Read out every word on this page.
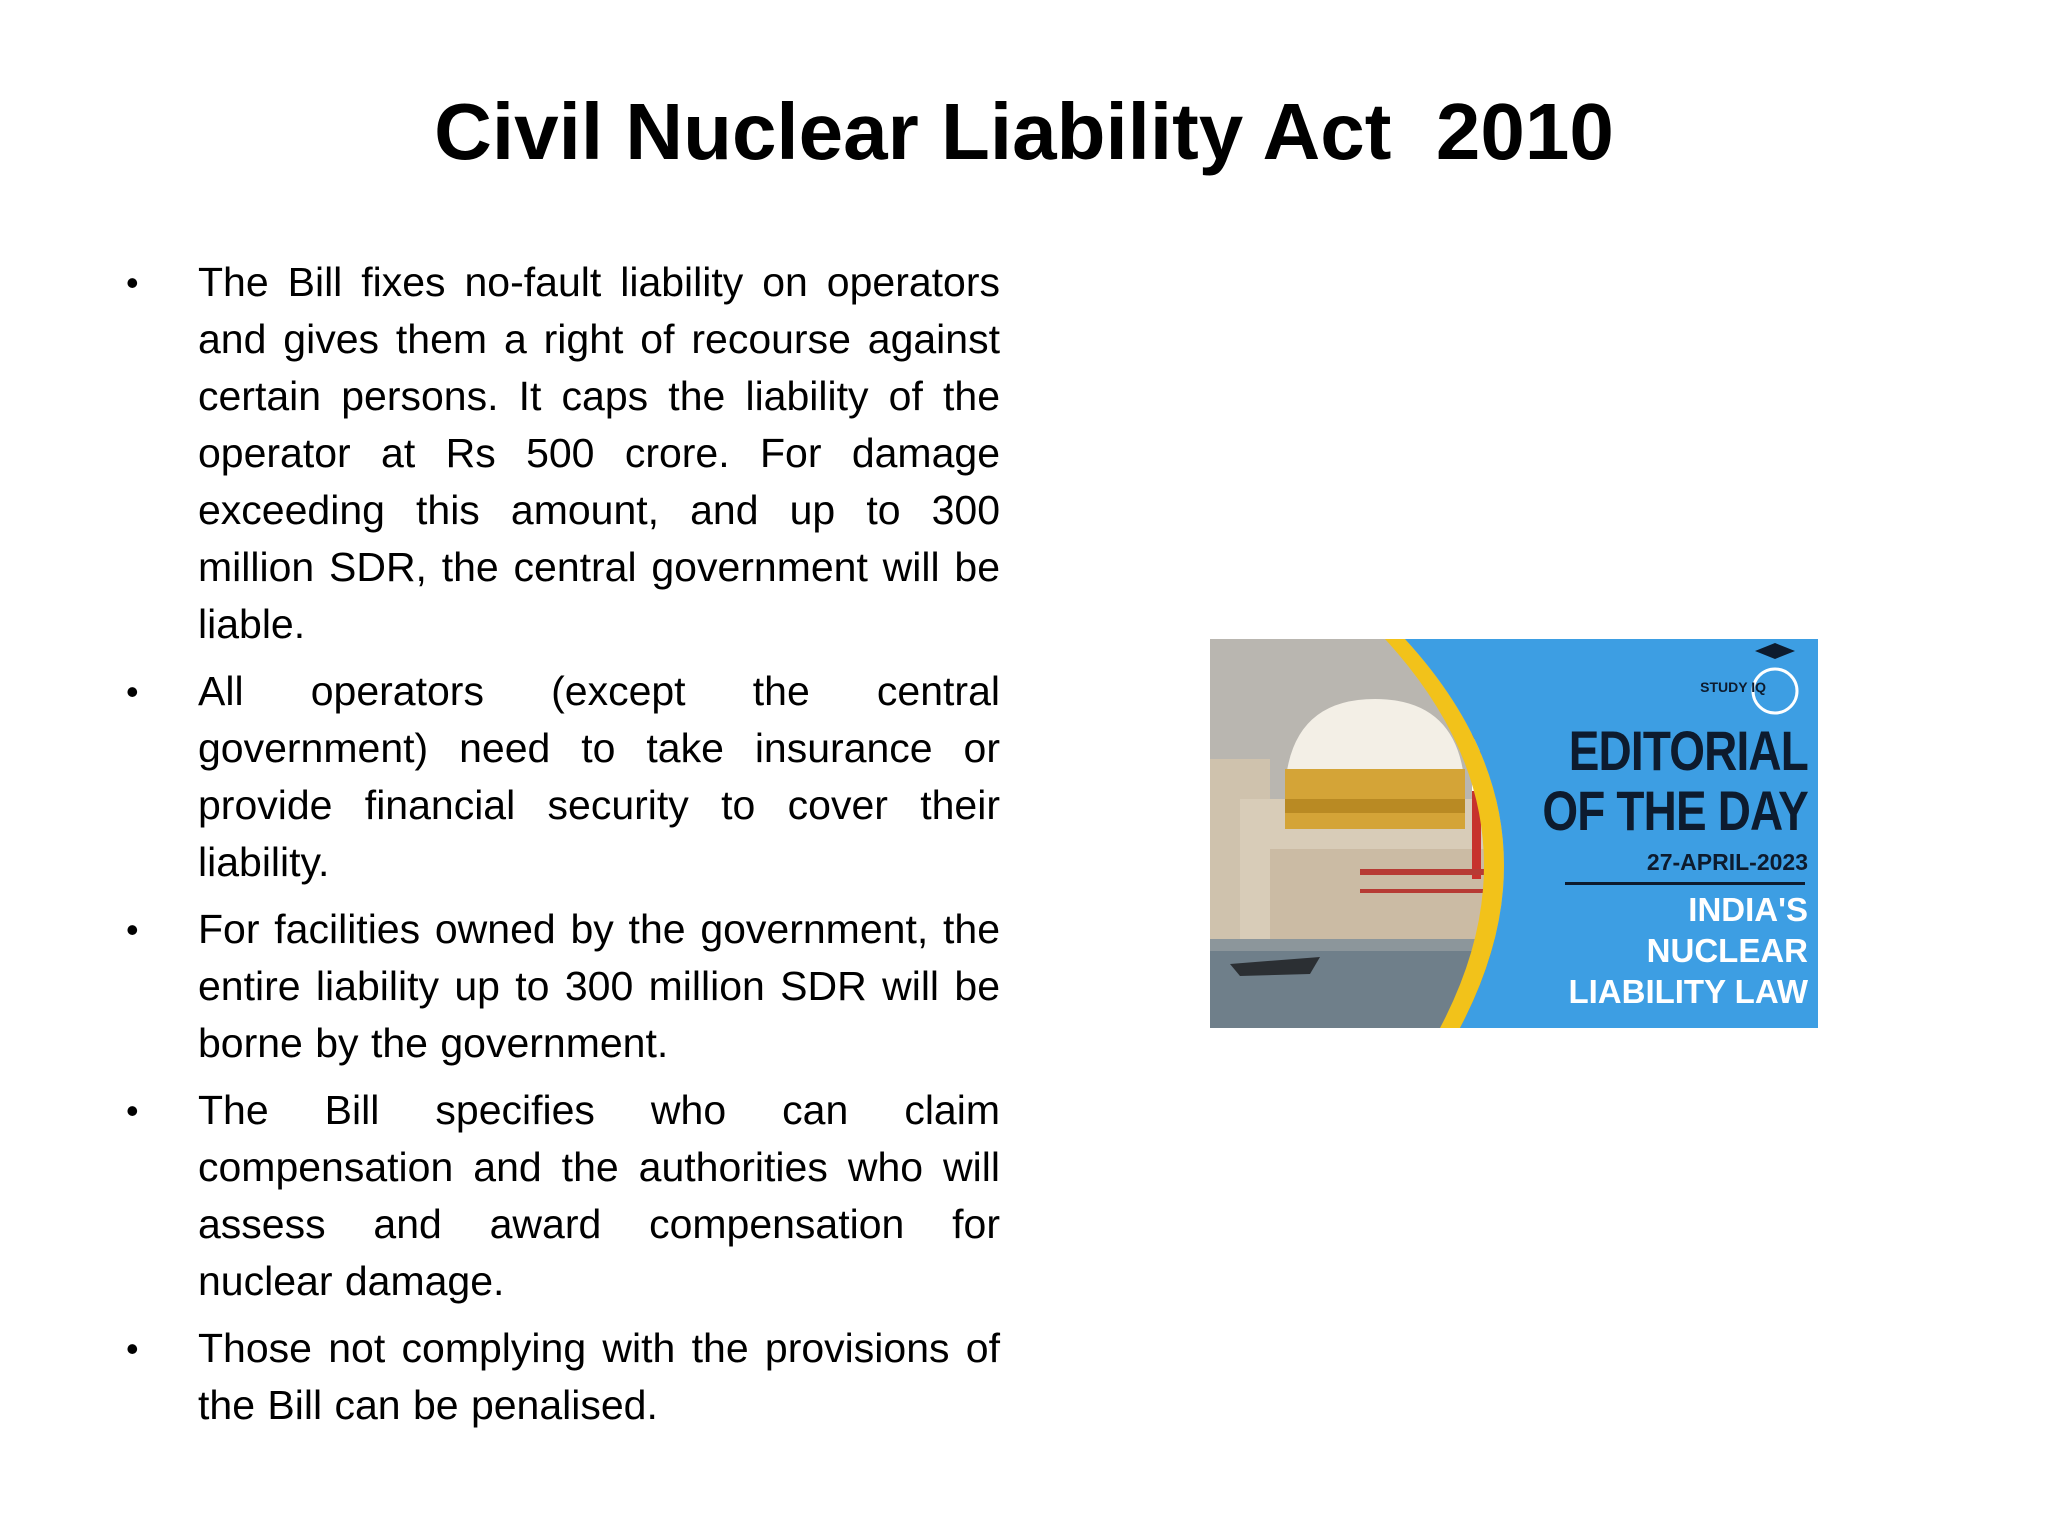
Civil Nuclear Liability Act  2010
• The Bill fixes no-fault liability on operators and gives them a right of recourse against certain persons. It caps the liability of the operator at Rs 500 crore. For damage exceeding this amount, and up to 300 million SDR, the central government will be liable.
• All operators (except the central government) need to take insurance or provide financial security to cover their liability.
• For facilities owned by the government, the entire liability up to 300 million SDR will be borne by the government.
• The Bill specifies who can claim compensation and the authorities who will assess and award compensation for nuclear damage.
• Those not complying with the provisions of the Bill can be penalised.
STUDY IQ
EDITORIAL
OF THE DAY
27-APRIL-2023
INDIA'S
NUCLEAR
LIABILITY LAW
